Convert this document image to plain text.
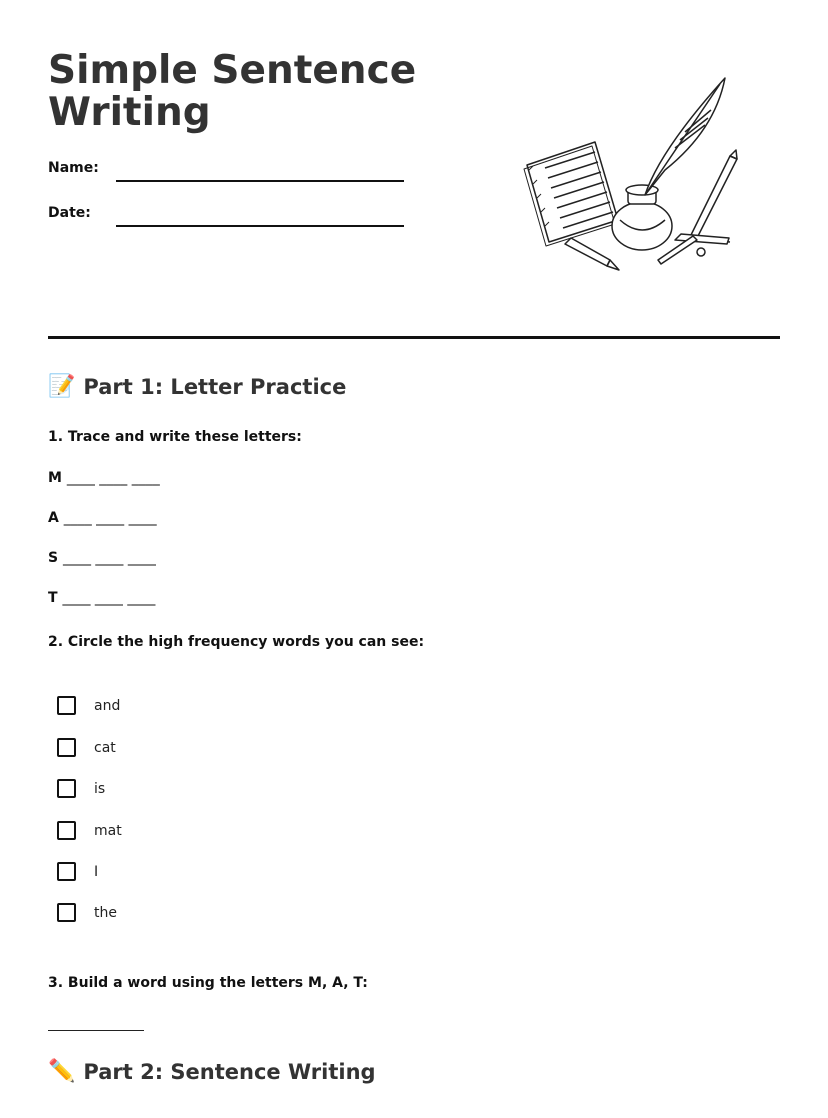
Simple Sentence
Writing
Name:
Date:
📝 Part 1: Letter Practice
1. Trace and write these letters:
M ____ ____ ____
A ____ ____ ____
S ____ ____ ____
T ____ ____ ____
2. Circle the high frequency words you can see:
and
cat
is
mat
I
the
3. Build a word using the letters M, A, T:
✏️ Part 2: Sentence Writing
